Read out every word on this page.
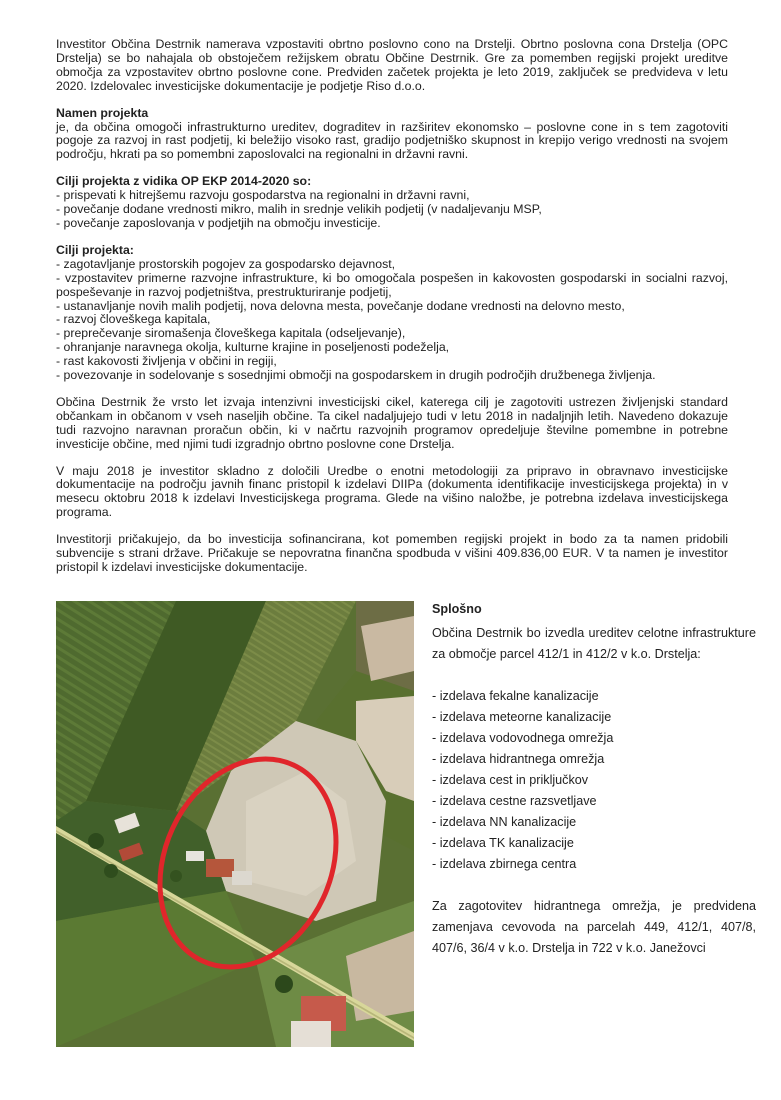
Investitor Občina Destrnik namerava vzpostaviti obrtno poslovno cono na Drstelji. Obrtno poslovna cona Drstelja (OPC Drstelja) se bo nahajala ob obstoječem režijskem obratu Občine Destrnik. Gre za pomemben regijski projekt ureditve območja za vzpostavitev obrtno poslovne cone. Predviden začetek projekta je leto 2019, zaključek se predvideva v letu 2020. Izdelovalec investicijske dokumentacije je podjetje Riso d.o.o.

Namen projekta

je, da občina omogoči infrastrukturno ureditev, dograditev in razširitev ekonomsko – poslovne cone in s tem zagotoviti pogoje za razvoj in rast podjetij, ki beležijo visoko rast, gradijo podjetniško skupnost in krepijo verigo vrednosti na svojem področju, hkrati pa so pomembni zaposlovalci na regionalni in državni ravni.

Cilji projekta z vidika OP EKP 2014-2020 so:
- prispevati k hitrejšemu razvoju gospodarstva na regionalni in državni ravni,
- povečanje dodane vrednosti mikro, malih in srednje velikih podjetij (v nadaljevanju MSP,
- povečanje zaposlovanja v podjetjih na območju investicije.
Cilji projekta:
- zagotavljanje prostorskih pogojev za gospodarsko dejavnost,
- vzpostavitev primerne razvojne infrastrukture, ki bo omogočala pospešen in kakovosten gospodarski in socialni razvoj, pospeševanje in razvoj podjetništva, prestrukturiranje podjetij,
- ustanavljanje novih malih podjetij, nova delovna mesta, povečanje dodane vrednosti na delovno mesto,
- razvoj človeškega kapitala,
- preprečevanje siromašenja človeškega kapitala (odseljevanje),
- ohranjanje naravnega okolja, kulturne krajine in poseljenosti podeželja,
- rast kakovosti življenja v občini in regiji,
- povezovanje in sodelovanje s sosednjimi območji na gospodarskem in drugih področjih družbenega življenja.

Občina Destrnik že vrsto let izvaja intenzivni investicijski cikel, katerega cilj je zagotoviti ustrezen življenjski standard občankam in občanom v vseh naseljih občine. Ta cikel nadaljujejo tudi v letu 2018 in nadaljnjih letih. Navedeno dokazuje tudi razvojno naravnan proračun občin, ki v načrtu razvojnih programov opredeljuje številne pomembne in potrebne investicije občine, med njimi tudi izgradnjo obrtno poslovne cone Drstelja.

V maju 2018 je investitor skladno z določili Uredbe o enotni metodologiji za pripravo in obravnavo investicijske dokumentacije na področju javnih financ pristopil k izdelavi DIIPa (dokumenta identifikacije investicijskega projekta) in v mesecu oktobru 2018 k izdelavi Investicijskega programa. Glede na višino naložbe, je potrebna izdelava investicijskega programa.

Investitorji pričakujejo, da bo investicija sofinancirana, kot pomemben regijski projekt in bodo za ta namen pridobili subvencije s strani države. Pričakuje se nepovratna finančna spodbuda v višini 409.836,00 EUR. V ta namen je investitor pristopil k izdelavi investicijske dokumentacije.

Splošno

Občina Destrnik bo izvedla ureditev celotne infrastrukture za območje parcel 412/1 in 412/2 v k.o. Drstelja:

- izdelava fekalne kanalizacije
- izdelava meteorne kanalizacije
- izdelava vodovodnega omrežja
- izdelava hidrantnega omrežja
- izdelava cest in priključkov
- izdelava cestne razsvetljave
- izdelava NN kanalizacije
- izdelava TK kanalizacije
- izdelava zbirnega centra

Za zagotovitev hidrantnega omrežja, je predvidena zamenjava cevovoda na parcelah 449, 412/1, 407/8, 407/6, 36/4 v k.o. Drstelja in 722 v k.o. Janežovci
